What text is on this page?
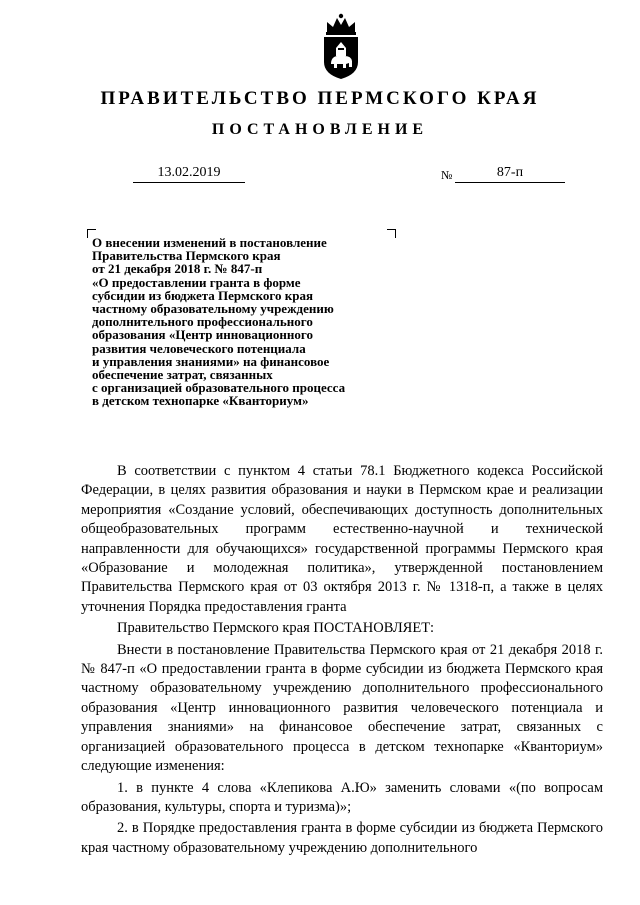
ПРАВИТЕЛЬСТВО ПЕРМСКОГО КРАЯ
ПОСТАНОВЛЕНИЕ
13.02.2019	№	87-п
О внесении изменений в постановление
Правительства Пермского края
от 21 декабря 2018 г. № 847-п
«О предоставлении гранта в форме
субсидии из бюджета Пермского края
частному образовательному учреждению
дополнительного профессионального
образования «Центр инновационного
развития человеческого потенциала
и управления знаниями» на финансовое
обеспечение затрат, связанных
с организацией образовательного процесса
в детском технопарке «Кванториум»

В соответствии с пунктом 4 статьи 78.1 Бюджетного кодекса Российской Федерации, в целях развития образования и науки в Пермском крае и реализации мероприятия «Создание условий, обеспечивающих доступность дополнительных общеобразовательных программ естественно-научной и технической направленности для обучающихся» государственной программы Пермского края «Образование и молодежная политика», утвержденной постановлением Правительства Пермского края от 03 октября 2013 г. № 1318-п, а также в целях уточнения Порядка предоставления гранта

Правительство Пермского края ПОСТАНОВЛЯЕТ:

Внести в постановление Правительства Пермского края от 21 декабря 2018 г. № 847-п «О предоставлении гранта в форме субсидии из бюджета Пермского края частному образовательному учреждению дополнительного профессионального образования «Центр инновационного развития человеческого потенциала и управления знаниями» на финансовое обеспечение затрат, связанных с организацией образовательного процесса в детском технопарке «Кванториум» следующие изменения:

1. в пункте 4 слова «Клепикова А.Ю» заменить словами «(по вопросам образования, культуры, спорта и туризма)»;

2. в Порядке предоставления гранта в форме субсидии из бюджета Пермского края частному образовательному учреждению дополнительного
